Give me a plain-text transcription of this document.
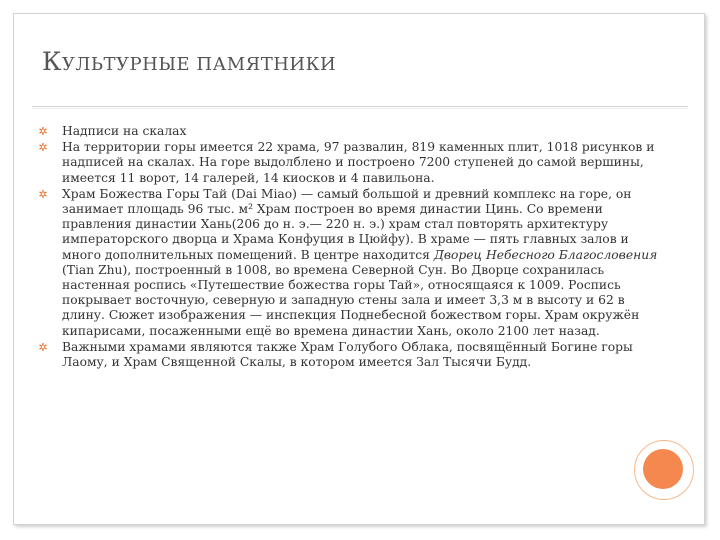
КУЛЬТУРНЫЕ ПАМЯТНИКИ
✲ Надписи на скалах
✲ На территории горы имеется 22 храма, 97 развалин, 819 каменных плит, 1018 рисунков и надписей на скалах. На горе выдолблено и построено 7200 ступеней до самой вершины, имеется 11 ворот, 14 галерей, 14 киосков и 4 павильона.
✲ Храм Божества Горы Тай (Dai Miao) — самый большой и древний комплекс на горе, он занимает площадь 96 тыс. м² Храм построен во время династии Цинь. Со времени правления династии Хань(206 до н. э.— 220 н. э.) храм стал повторять архитектуру императорского дворца и Храма Конфуция в Цюйфу). В храме — пять главных залов и много дополнительных помещений. В центре находится Дворец Небесного Благословения (Tian Zhu), построенный в 1008, во времена Северной Сун. Во Дворце сохранилась настенная роспись «Путешествие божества горы Тай», относящаяся к 1009. Роспись покрывает восточную, северную и западную стены зала и имеет 3,3 м в высоту и 62 в длину. Сюжет изображения — инспекция Поднебесной божеством горы. Храм окружён кипарисами, посаженными ещё во времена династии Хань, около 2100 лет назад.
✲ Важными храмами являются также Храм Голубого Облака, посвящённый Богине горы Лаому, и Храм Священной Скалы, в котором имеется Зал Тысячи Будд.
